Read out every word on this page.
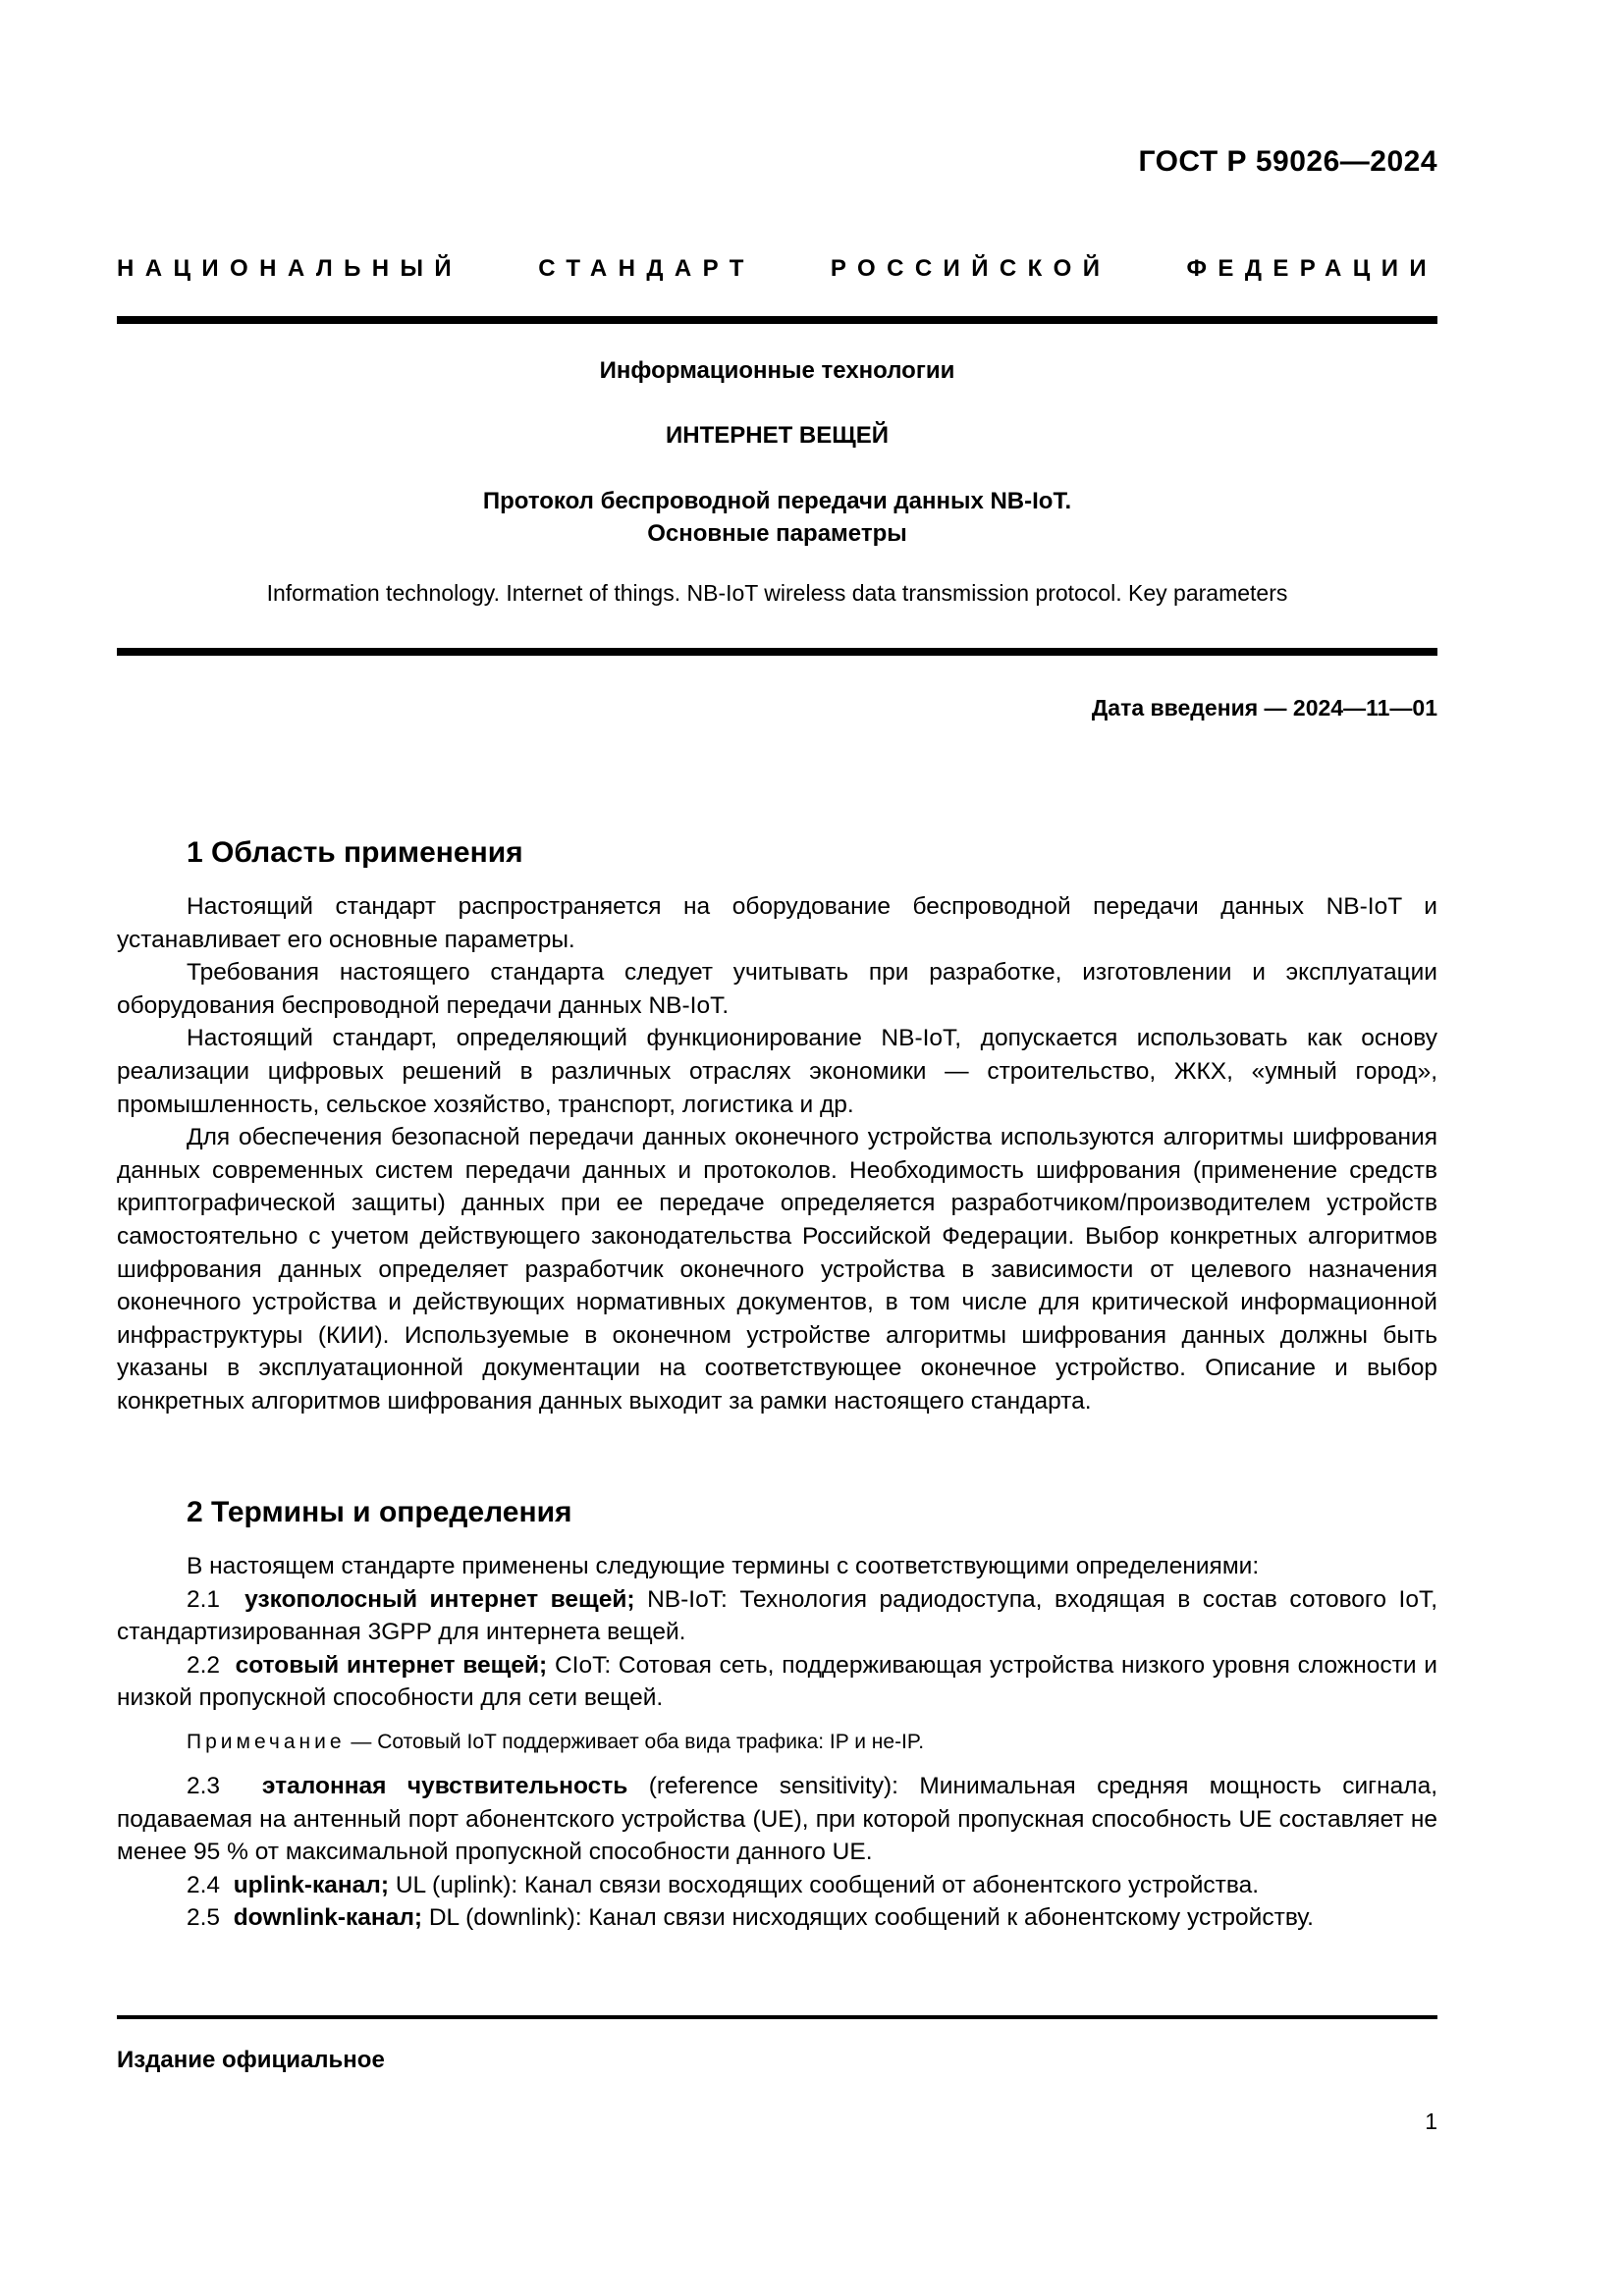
ГОСТ Р 59026—2024
НАЦИОНАЛЬНЫЙ СТАНДАРТ РОССИЙСКОЙ ФЕДЕРАЦИИ
Информационные технологии
ИНТЕРНЕТ ВЕЩЕЙ
Протокол беспроводной передачи данных NB-IoT.
Основные параметры
Information technology. Internet of things. NB-IoT wireless data transmission protocol. Key parameters
Дата введения — 2024—11—01
1 Область применения

Настоящий стандарт распространяется на оборудование беспроводной передачи данных NB-IoT и устанавливает его основные параметры.

Требования настоящего стандарта следует учитывать при разработке, изготовлении и эксплуатации оборудования беспроводной передачи данных NB-IoT.

Настоящий стандарт, определяющий функционирование NB-IoT, допускается использовать как основу реализации цифровых решений в различных отраслях экономики — строительство, ЖКХ, «умный город», промышленность, сельское хозяйство, транспорт, логистика и др.

Для обеспечения безопасной передачи данных оконечного устройства используются алгоритмы шифрования данных современных систем передачи данных и протоколов. Необходимость шифрования (применение средств криптографической защиты) данных при ее передаче определяется разработчиком/производителем устройств самостоятельно с учетом действующего законодательства Российской Федерации. Выбор конкретных алгоритмов шифрования данных определяет разработчик оконечного устройства в зависимости от целевого назначения оконечного устройства и действующих нормативных документов, в том числе для критической информационной инфраструктуры (КИИ). Используемые в оконечном устройстве алгоритмы шифрования данных должны быть указаны в эксплуатационной документации на соответствующее оконечное устройство. Описание и выбор конкретных алгоритмов шифрования данных выходит за рамки настоящего стандарта.

2 Термины и определения

В настоящем стандарте применены следующие термины с соответствующими определениями:

2.1 узкополосный интернет вещей; NB-IoT: Технология радиодоступа, входящая в состав сотового IoT, стандартизированная 3GPP для интернета вещей.

2.2 сотовый интернет вещей; CIoT: Сотовая сеть, поддерживающая устройства низкого уровня сложности и низкой пропускной способности для сети вещей.

Примечание — Сотовый IoT поддерживает оба вида трафика: IP и не-IP.

2.3 эталонная чувствительность (reference sensitivity): Минимальная средняя мощность сигнала, подаваемая на антенный порт абонентского устройства (UE), при которой пропускная способность UE составляет не менее 95 % от максимальной пропускной способности данного UE.

2.4 uplink-канал; UL (uplink): Канал связи восходящих сообщений от абонентского устройства.

2.5 downlink-канал; DL (downlink): Канал связи нисходящих сообщений к абонентскому устройству.

Издание официальное
1
